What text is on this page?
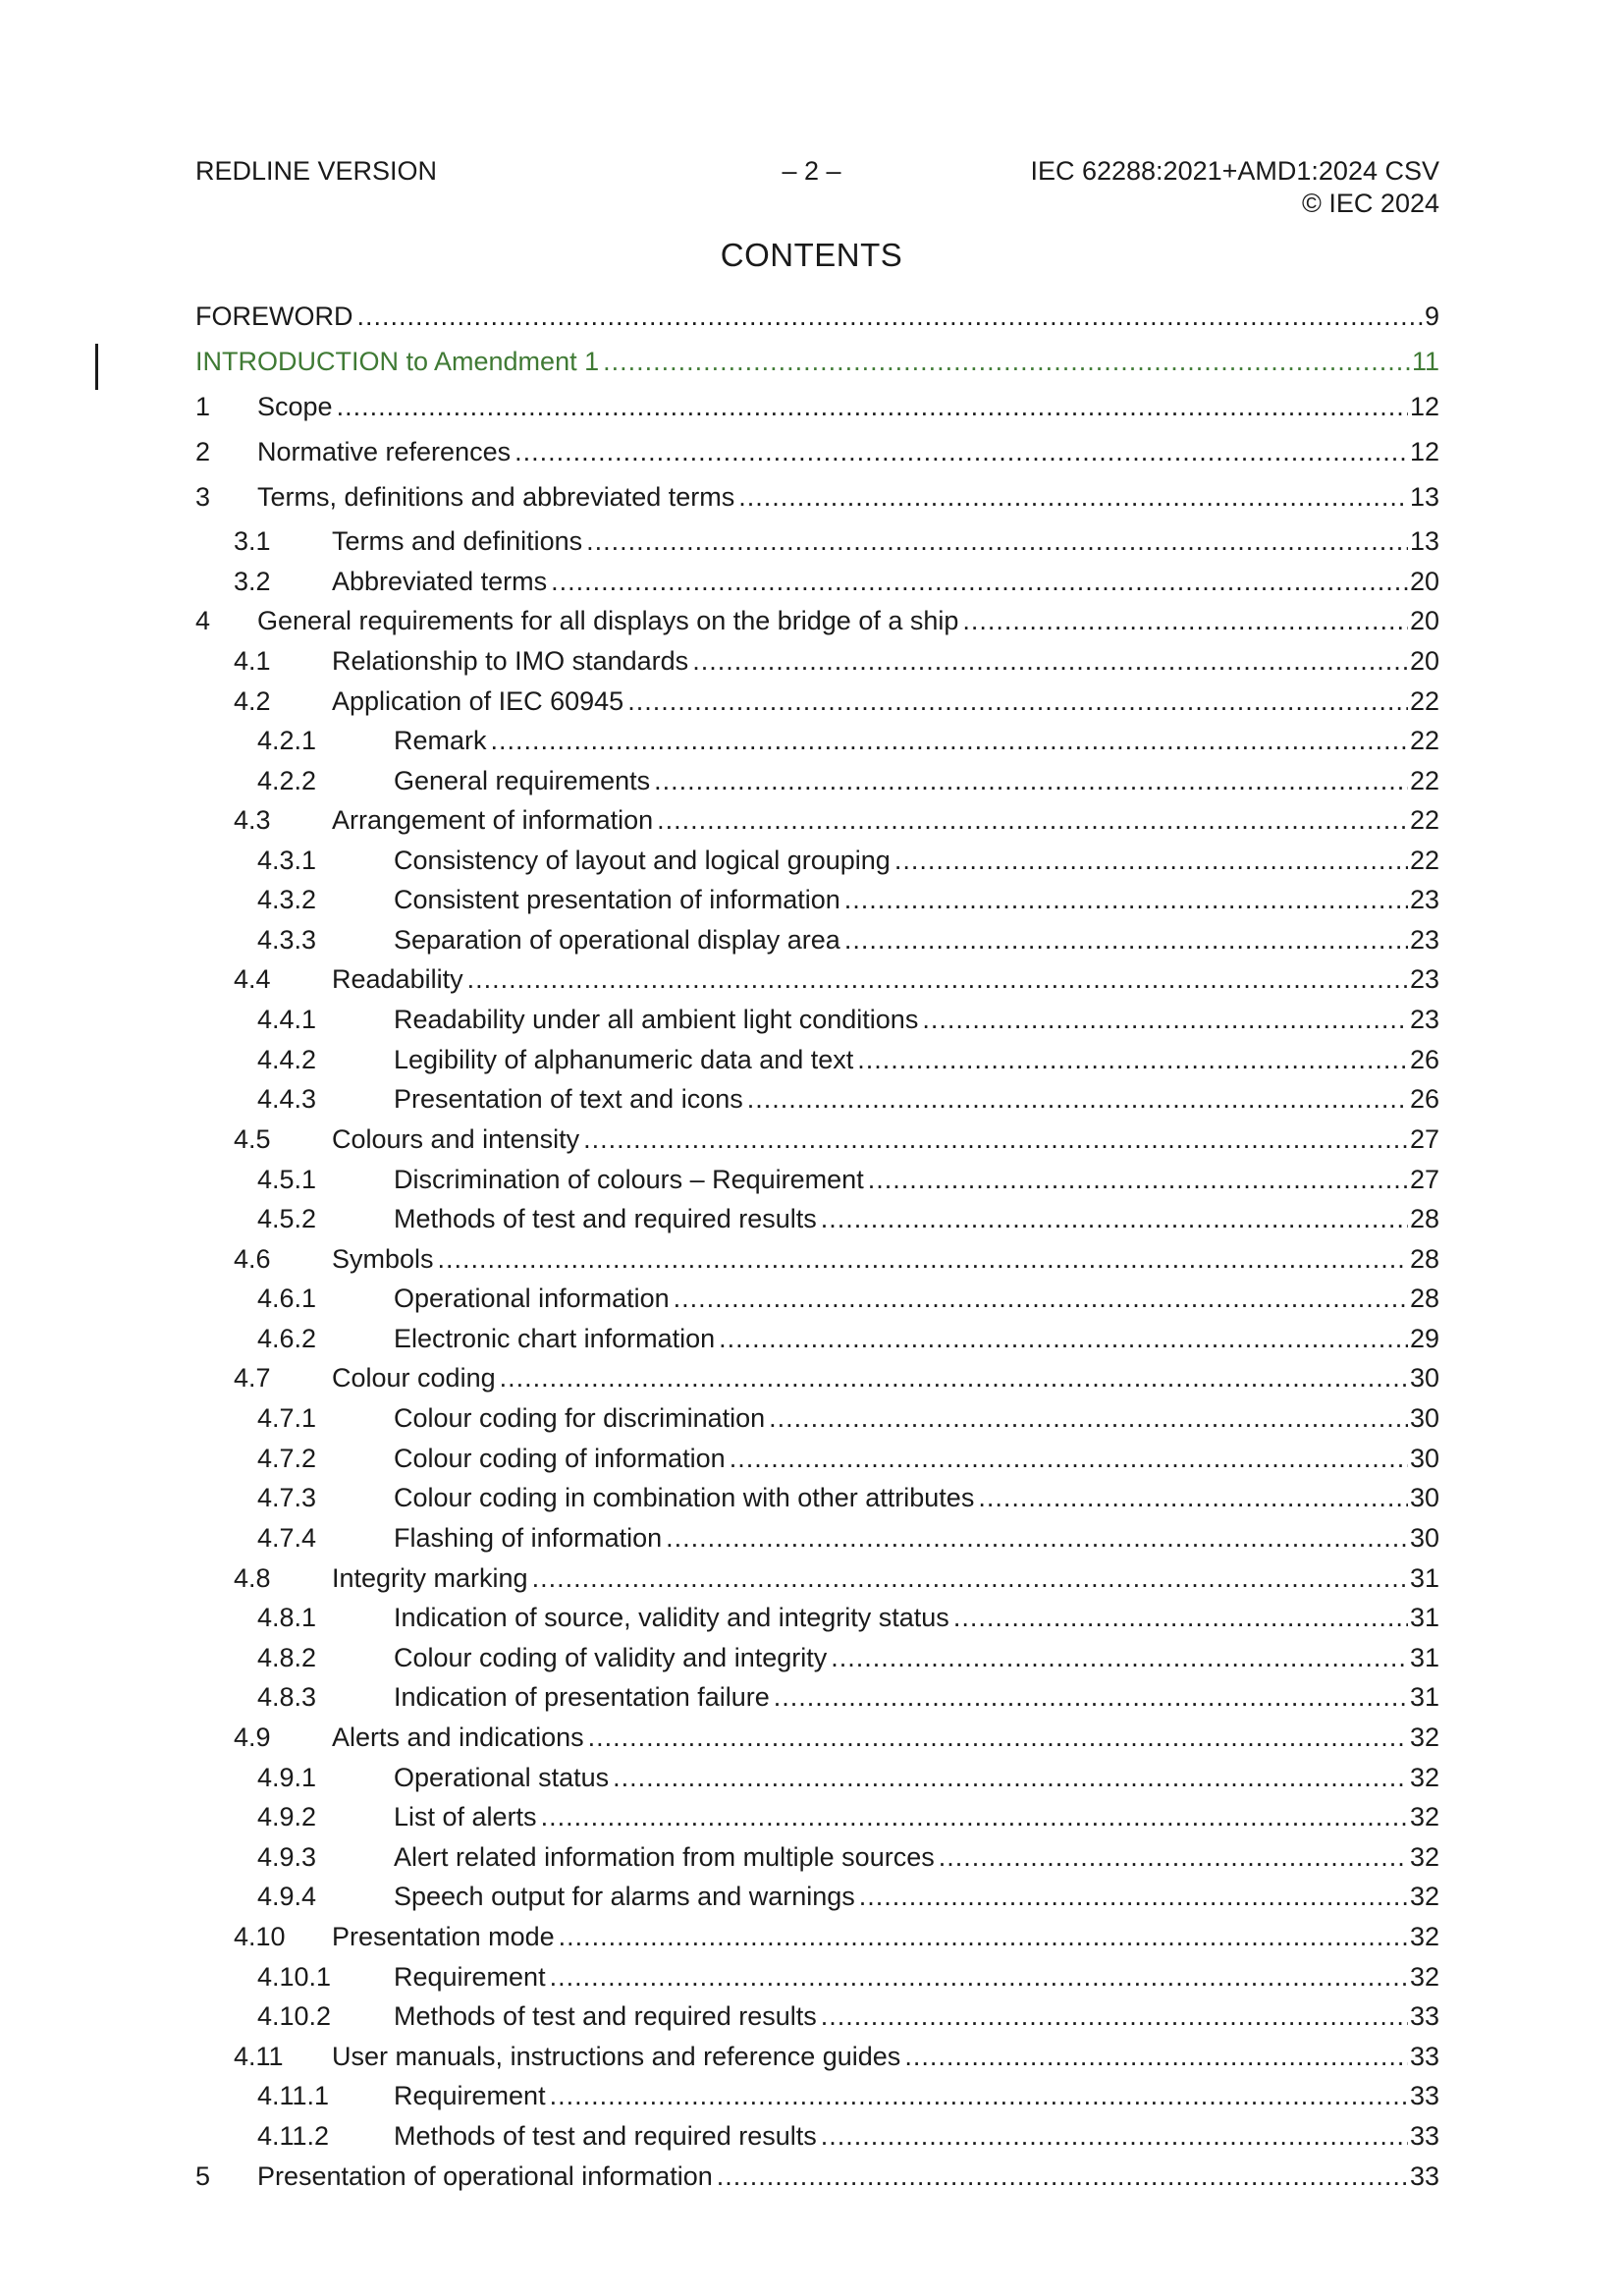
REDLINE VERSION	– 2 –	IEC 62288:2021+AMD1:2024 CSV
© IEC 2024
CONTENTS
FOREWORD .....	9
INTRODUCTION to Amendment 1 .....	11
1	Scope .....	12
2	Normative references .....	12
3	Terms, definitions and abbreviated terms .....	13
3.1	Terms and definitions .....	13
3.2	Abbreviated terms .....	20
4	General requirements for all displays on the bridge of a ship .....	20
4.1	Relationship to IMO standards .....	20
4.2	Application of IEC 60945 .....	22
4.2.1	Remark .....	22
4.2.2	General requirements .....	22
4.3	Arrangement of information .....	22
4.3.1	Consistency of layout and logical grouping .....	22
4.3.2	Consistent presentation of information .....	23
4.3.3	Separation of operational display area .....	23
4.4	Readability .....	23
4.4.1	Readability under all ambient light conditions .....	23
4.4.2	Legibility of alphanumeric data and text .....	26
4.4.3	Presentation of text and icons .....	26
4.5	Colours and intensity .....	27
4.5.1	Discrimination of colours – Requirement .....	27
4.5.2	Methods of test and required results .....	28
4.6	Symbols .....	28
4.6.1	Operational information .....	28
4.6.2	Electronic chart information .....	29
4.7	Colour coding .....	30
4.7.1	Colour coding for discrimination .....	30
4.7.2	Colour coding of information .....	30
4.7.3	Colour coding in combination with other attributes .....	30
4.7.4	Flashing of information .....	30
4.8	Integrity marking .....	31
4.8.1	Indication of source, validity and integrity status .....	31
4.8.2	Colour coding of validity and integrity .....	31
4.8.3	Indication of presentation failure .....	31
4.9	Alerts and indications .....	32
4.9.1	Operational status .....	32
4.9.2	List of alerts .....	32
4.9.3	Alert related information from multiple sources .....	32
4.9.4	Speech output for alarms and warnings .....	32
4.10	Presentation mode .....	32
4.10.1	Requirement .....	32
4.10.2	Methods of test and required results .....	33
4.11	User manuals, instructions and reference guides .....	33
4.11.1	Requirement .....	33
4.11.2	Methods of test and required results .....	33
5	Presentation of operational information .....	33
